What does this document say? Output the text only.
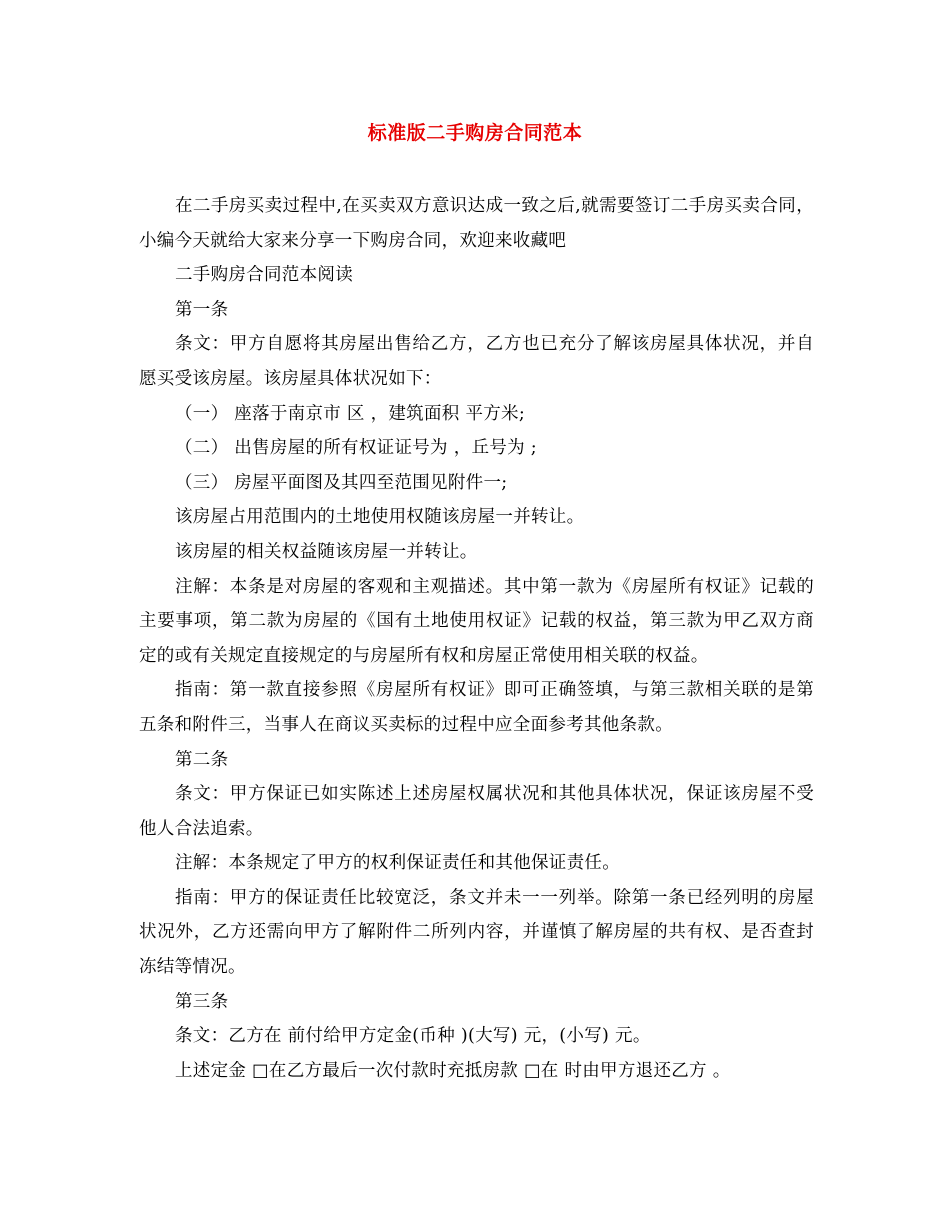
标准版二手购房合同范本

在二手房买卖过程中,在买卖双方意识达成一致之后,就需要签订二手房买卖合同，小编今天就给大家来分享一下购房合同，欢迎来收藏吧

二手购房合同范本阅读

第一条

条文：甲方自愿将其房屋出售给乙方，乙方也已充分了解该房屋具体状况，并自愿买受该房屋。该房屋具体状况如下：

（一） 座落于南京市 区 ，建筑面积 平方米;

（二） 出售房屋的所有权证证号为 ，丘号为 ;

（三） 房屋平面图及其四至范围见附件一;

该房屋占用范围内的土地使用权随该房屋一并转让。

该房屋的相关权益随该房屋一并转让。

注解：本条是对房屋的客观和主观描述。其中第一款为《房屋所有权证》记载的主要事项，第二款为房屋的《国有土地使用权证》记载的权益，第三款为甲乙双方商定的或有关规定直接规定的与房屋所有权和房屋正常使用相关联的权益。

指南：第一款直接参照《房屋所有权证》即可正确签填，与第三款相关联的是第五条和附件三，当事人在商议买卖标的过程中应全面参考其他条款。

第二条

条文：甲方保证已如实陈述上述房屋权属状况和其他具体状况，保证该房屋不受他人合法追索。

注解：本条规定了甲方的权利保证责任和其他保证责任。

指南：甲方的保证责任比较宽泛，条文并未一一列举。除第一条已经列明的房屋状况外，乙方还需向甲方了解附件二所列内容，并谨慎了解房屋的共有权、是否查封冻结等情况。

第三条

条文：乙方在 前付给甲方定金(币种 )(大写) 元，(小写) 元。

上述定金 □在乙方最后一次付款时充抵房款 □在 时由甲方退还乙方 。
